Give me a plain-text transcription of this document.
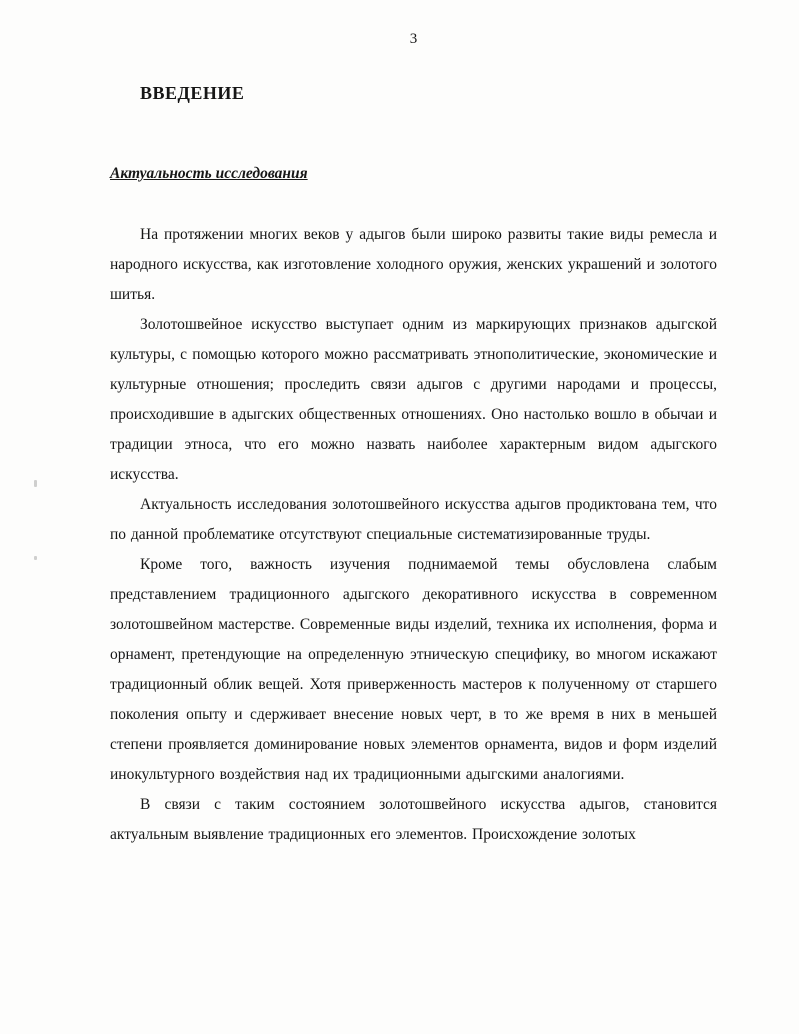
3
ВВЕДЕНИЕ
Актуальность исследования

На протяжении многих веков у адыгов были широко развиты такие виды ремесла и народного искусства, как изготовление холодного оружия, женских украшений и золотого шитья.

Золотошвейное искусство выступает одним из маркирующих признаков адыгской культуры, с помощью которого можно рассматривать этнополитические, экономические и культурные отношения; проследить связи адыгов с другими народами и процессы, происходившие в адыгских общественных отношениях. Оно настолько вошло в обычаи и традиции этноса, что его можно назвать наиболее характерным видом адыгского искусства.

Актуальность исследования золотошвейного искусства адыгов продиктована тем, что по данной проблематике отсутствуют специальные систематизированные труды.

Кроме того, важность изучения поднимаемой темы обусловлена слабым представлением традиционного адыгского декоративного искусства в современном золотошвейном мастерстве. Современные виды изделий, техника их исполнения, форма и орнамент, претендующие на определенную этническую специфику, во многом искажают традиционный облик вещей. Хотя приверженность мастеров к полученному от старшего поколения опыту и сдерживает внесение новых черт, в то же время в них в меньшей степени проявляется доминирование новых элементов орнамента, видов и форм изделий инокультурного воздействия над их традиционными адыгскими аналогиями.

В связи с таким состоянием золотошвейного искусства адыгов, становится актуальным выявление традиционных его элементов. Происхождение золотых
